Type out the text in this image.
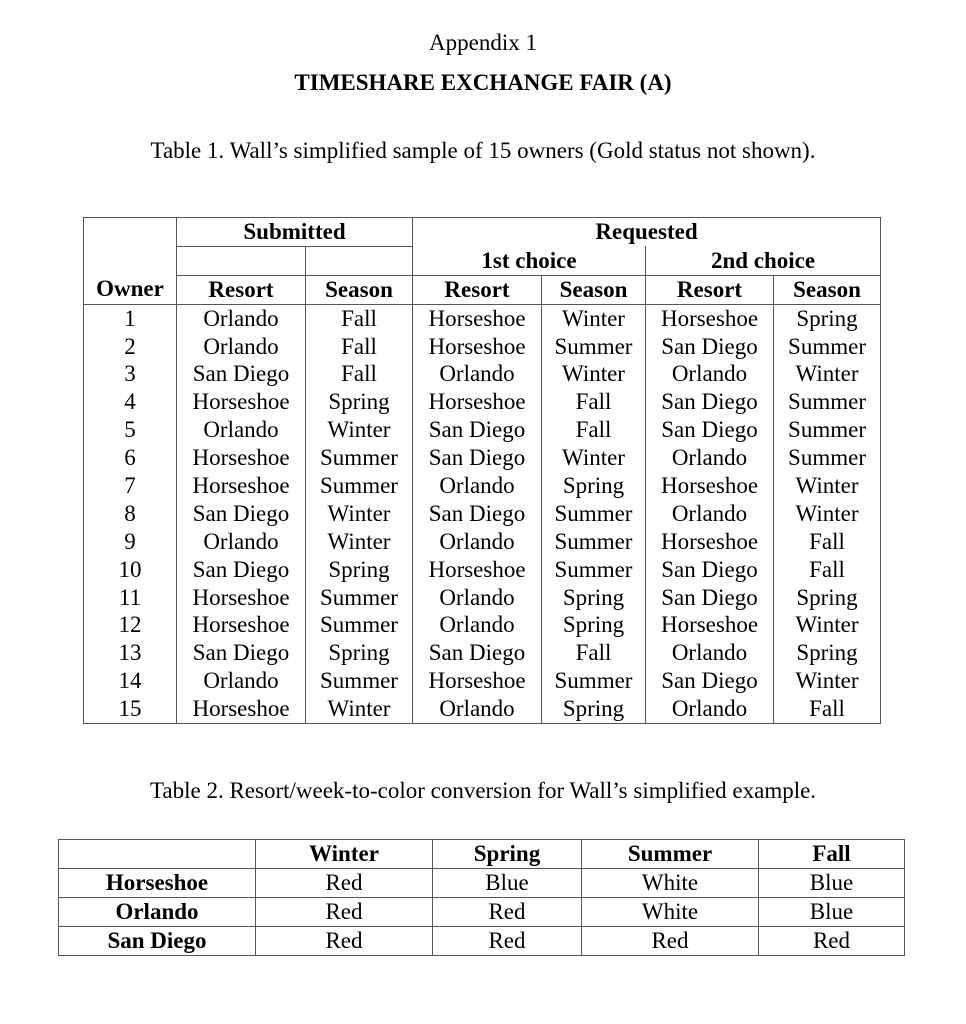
Appendix 1
TIMESHARE EXCHANGE FAIR (A)
Table 1. Wall’s simplified sample of 15 owners (Gold status not shown).
	Submitted		Requested			
			1st choice		2nd choice	
Owner	Resort	Season	Resort	Season	Resort	Season
1	Orlando	Fall	Horseshoe	Winter	Horseshoe	Spring
2	Orlando	Fall	Horseshoe	Summer	San Diego	Summer
3	San Diego	Fall	Orlando	Winter	Orlando	Winter
4	Horseshoe	Spring	Horseshoe	Fall	San Diego	Summer
5	Orlando	Winter	San Diego	Fall	San Diego	Summer
6	Horseshoe	Summer	San Diego	Winter	Orlando	Summer
7	Horseshoe	Summer	Orlando	Spring	Horseshoe	Winter
8	San Diego	Winter	San Diego	Summer	Orlando	Winter
9	Orlando	Winter	Orlando	Summer	Horseshoe	Fall
10	San Diego	Spring	Horseshoe	Summer	San Diego	Fall
11	Horseshoe	Summer	Orlando	Spring	San Diego	Spring
12	Horseshoe	Summer	Orlando	Spring	Horseshoe	Winter
13	San Diego	Spring	San Diego	Fall	Orlando	Spring
14	Orlando	Summer	Horseshoe	Summer	San Diego	Winter
15	Horseshoe	Winter	Orlando	Spring	Orlando	Fall
Table 2. Resort/week-to-color conversion for Wall’s simplified example.
	Winter	Spring	Summer	Fall
Horseshoe	Red	Blue	White	Blue
Orlando	Red	Red	White	Blue
San Diego	Red	Red	Red	Red
